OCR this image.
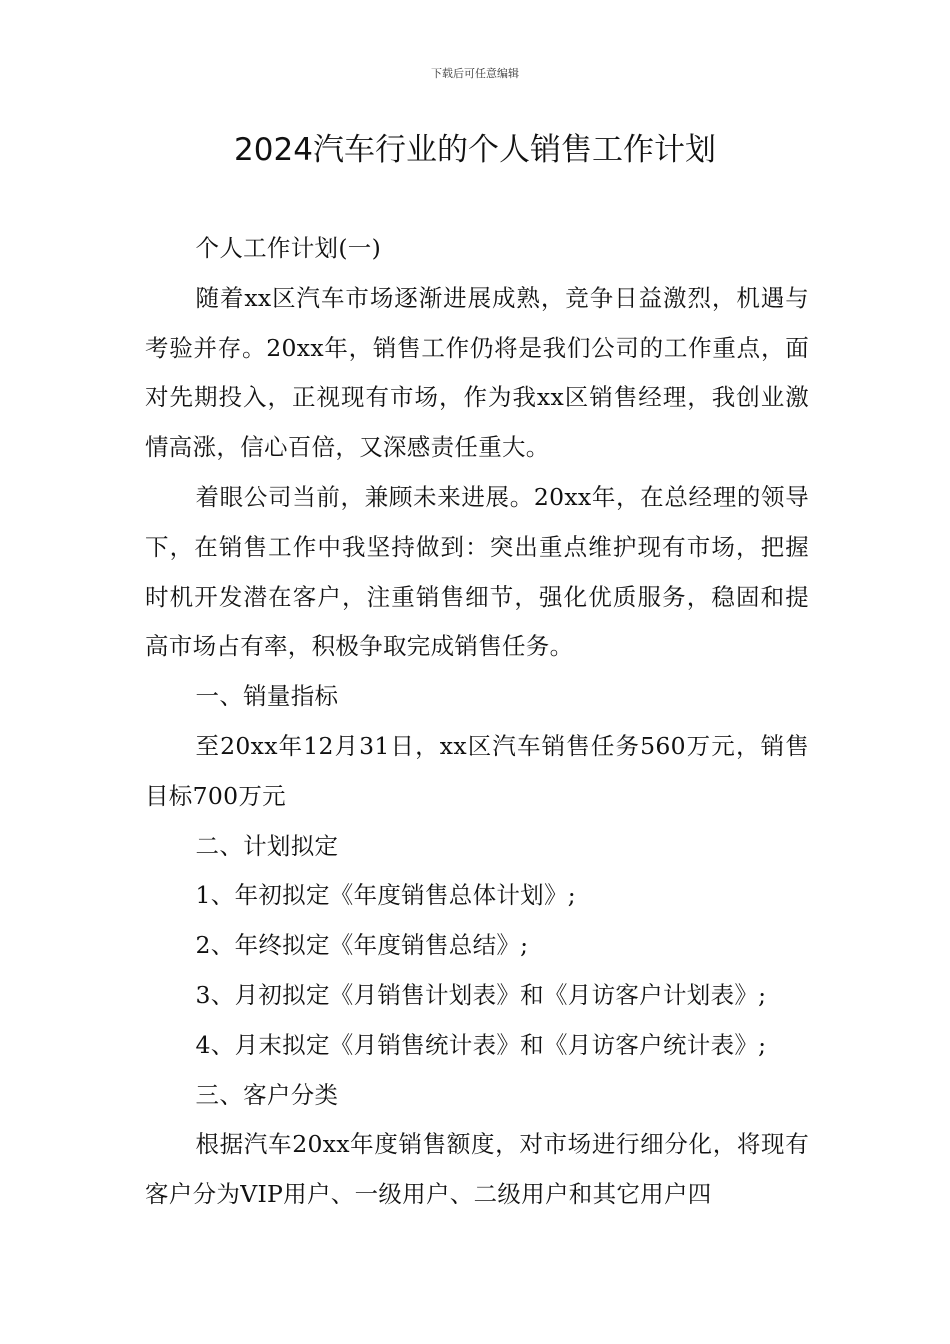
下载后可任意编辑
2024汽车行业的个人销售工作计划

个人工作计划(一)

随着xx区汽车市场逐渐进展成熟，竞争日益激烈，机遇与考验并存。20xx年，销售工作仍将是我们公司的工作重点，面对先期投入，正视现有市场，作为我xx区销售经理，我创业激情高涨，信心百倍，又深感责任重大。

着眼公司当前，兼顾未来进展。20xx年，在总经理的领导下，在销售工作中我坚持做到：突出重点维护现有市场，把握时机开发潜在客户，注重销售细节，强化优质服务，稳固和提高市场占有率，积极争取完成销售任务。

一、销量指标

至20xx年12月31日，xx区汽车销售任务560万元，销售目标700万元

二、计划拟定

1、年初拟定《年度销售总体计划》;

2、年终拟定《年度销售总结》;

3、月初拟定《月销售计划表》和《月访客户计划表》;

4、月末拟定《月销售统计表》和《月访客户统计表》;

三、客户分类

根据汽车20xx年度销售额度，对市场进行细分化，将现有客户分为VIP用户、一级用户、二级用户和其它用户四
